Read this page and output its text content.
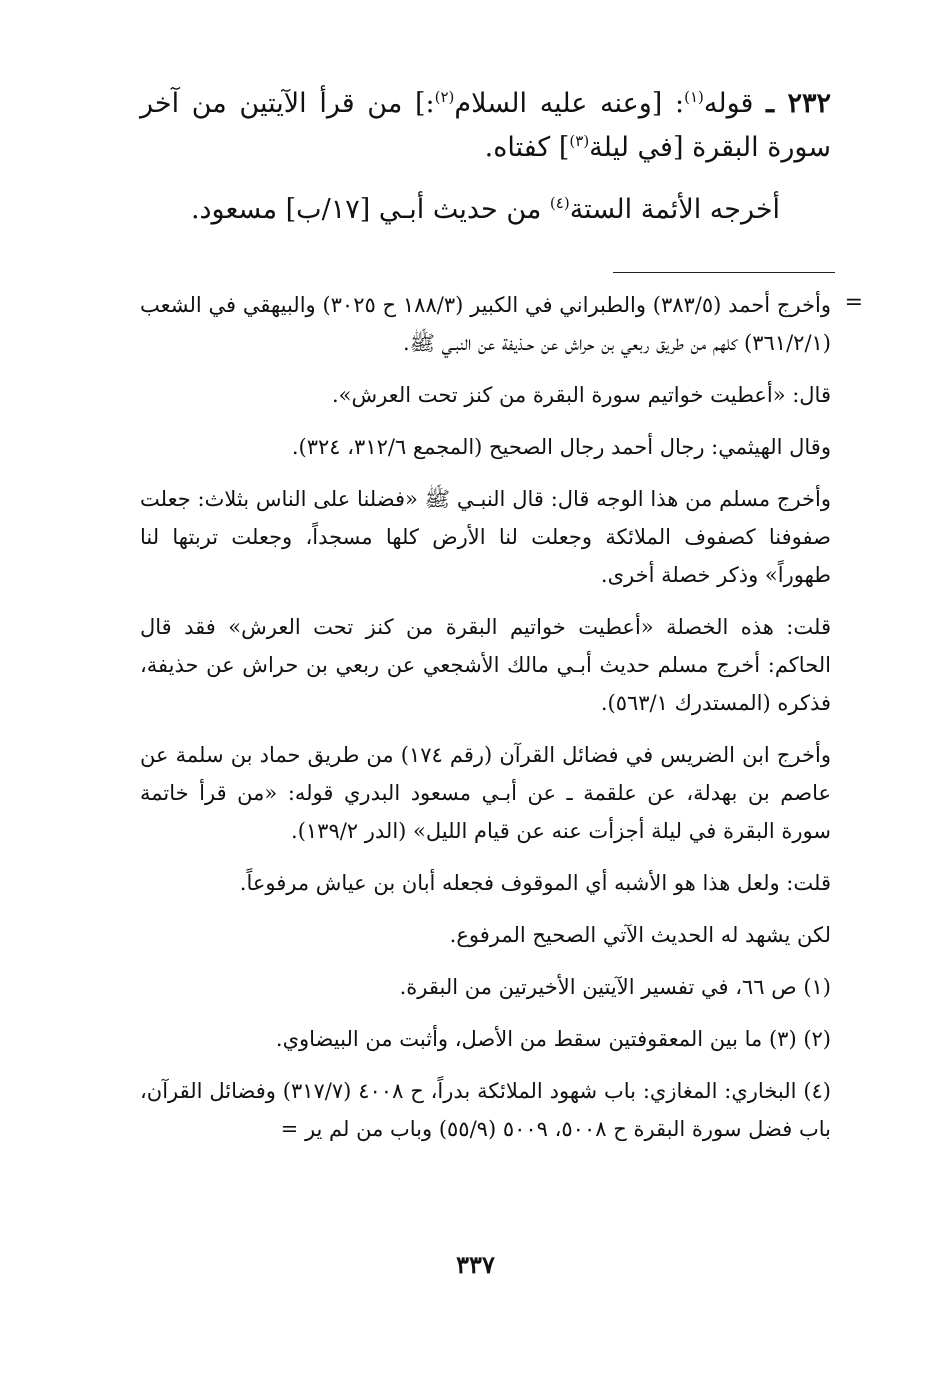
٢٣٢ ـ قوله$^{(١)}$: [وعنه عليه السلام$^{(٢)}$:] من قرأ الآيتين من آخر سورة البقرة [في ليلة$^{(٣)}$] كفتاه.

أخرجه الأئمة الستة$^{(٤)}$ من حديث أبـي [١٧/ب] مسعود.

=

وأخرج أحمد (٣٨٣/٥) والطبراني في الكبير (١٨٨/٣ ح ٣٠٢٥) والبيهقي في الشعب (٣٦١/٢/١) كلهم من طريق ربعي بن حراش عن حـذيفة عن النبـي ﷺ.

قال: «أعطيت خواتيم سورة البقرة من كنز تحت العرش».

وقال الهيثمي: رجال أحمد رجال الصحيح (المجمع ٣١٢/٦، ٣٢٤).

وأخرج مسلم من هذا الوجه قال: قال النبـي ﷺ «فضلنا على الناس بثلاث: جعلت صفوفنا كصفوف الملائكة وجعلت لنا الأرض كلها مسجداً، وجعلت تربتها لنا طهوراً» وذكر خصلة أخرى.

قلت: هذه الخصلة «أعطيت خواتيم البقرة من كنز تحت العرش» فقد قال الحاكم: أخرج مسلم حديث أبـي مالك الأشجعي عن ربعي بن حراش عن حذيفة، فذكره (المستدرك ٥٦٣/١).

وأخرج ابن الضريس في فضائل القرآن (رقم ١٧٤) من طريق حماد بن سلمة عن عاصم بن بهدلة، عن علقمة ـ عن أبـي مسعود البدري قوله: «من قرأ خاتمة سورة البقرة في ليلة أجزأت عنه عن قيام الليل» (الدر ١٣٩/٢).

قلت: ولعل هذا هو الأشبه أي الموقوف فجعله أبان بن عياش مرفوعاً.

لكن يشهد له الحديث الآتي الصحيح المرفوع.

(١) ص ٦٦، في تفسير الآيتين الأخيرتين من البقرة.

(٢) (٣) ما بين المعقوفتين سقط من الأصل، وأثبت من البيضاوي.

(٤) البخاري: المغازي: باب شهود الملائكة بدراً، ح ٤٠٠٨ (٣١٧/٧) وفضائل القرآن، باب فضل سورة البقرة ح ٥٠٠٨، ٥٠٠٩ (٥٥/٩) وباب من لم ير =

٣٣٧
